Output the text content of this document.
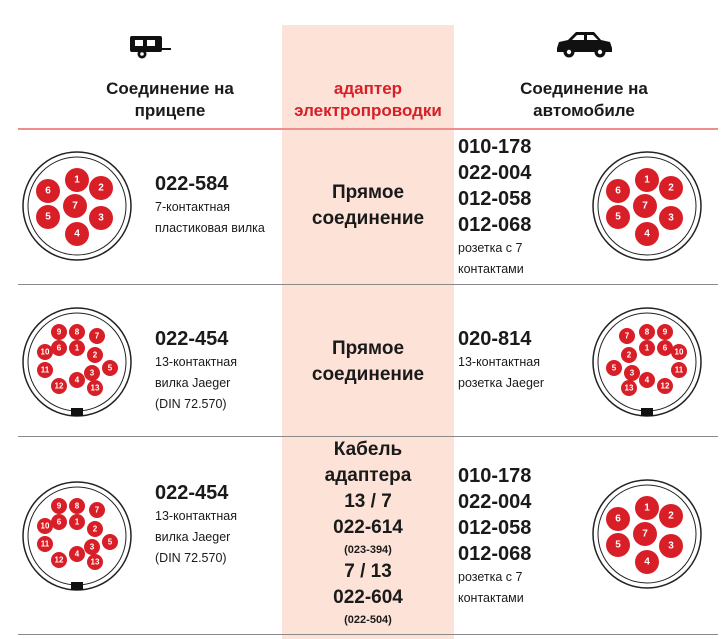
Соединение на
прицепе
адаптер
электропроводки
Соединение на
автомобиле
1
2
3
4
5
6
7
022-584
7-контактная
пластиковая вилка
Прямое
соединение
010-178
022-004
012-058
012-068
розетка с 7
контактами
1
2
3
4
5
6
7
1
2
3
4
5
6
7
8
9
10
11
12	13
022-454
13-контактная
вилка Jaeger
(DIN 72.570)
Прямое
соединение
020-814
13-контактная
розетка Jaeger
1
2
3
4
5
6
7 8 9
10
11
12
13
1
2
3
4
5
6
7
8
9
10
11
12	13
022-454
13-контактная
вилка Jaeger
(DIN 72.570)
Кабель
адаптера
13 / 7
022-614
(023-394)
7 / 13
022-604
(022-504)
010-178
022-004
012-058
012-068
розетка с 7
контактами
1
2
3
4
5
6
7
